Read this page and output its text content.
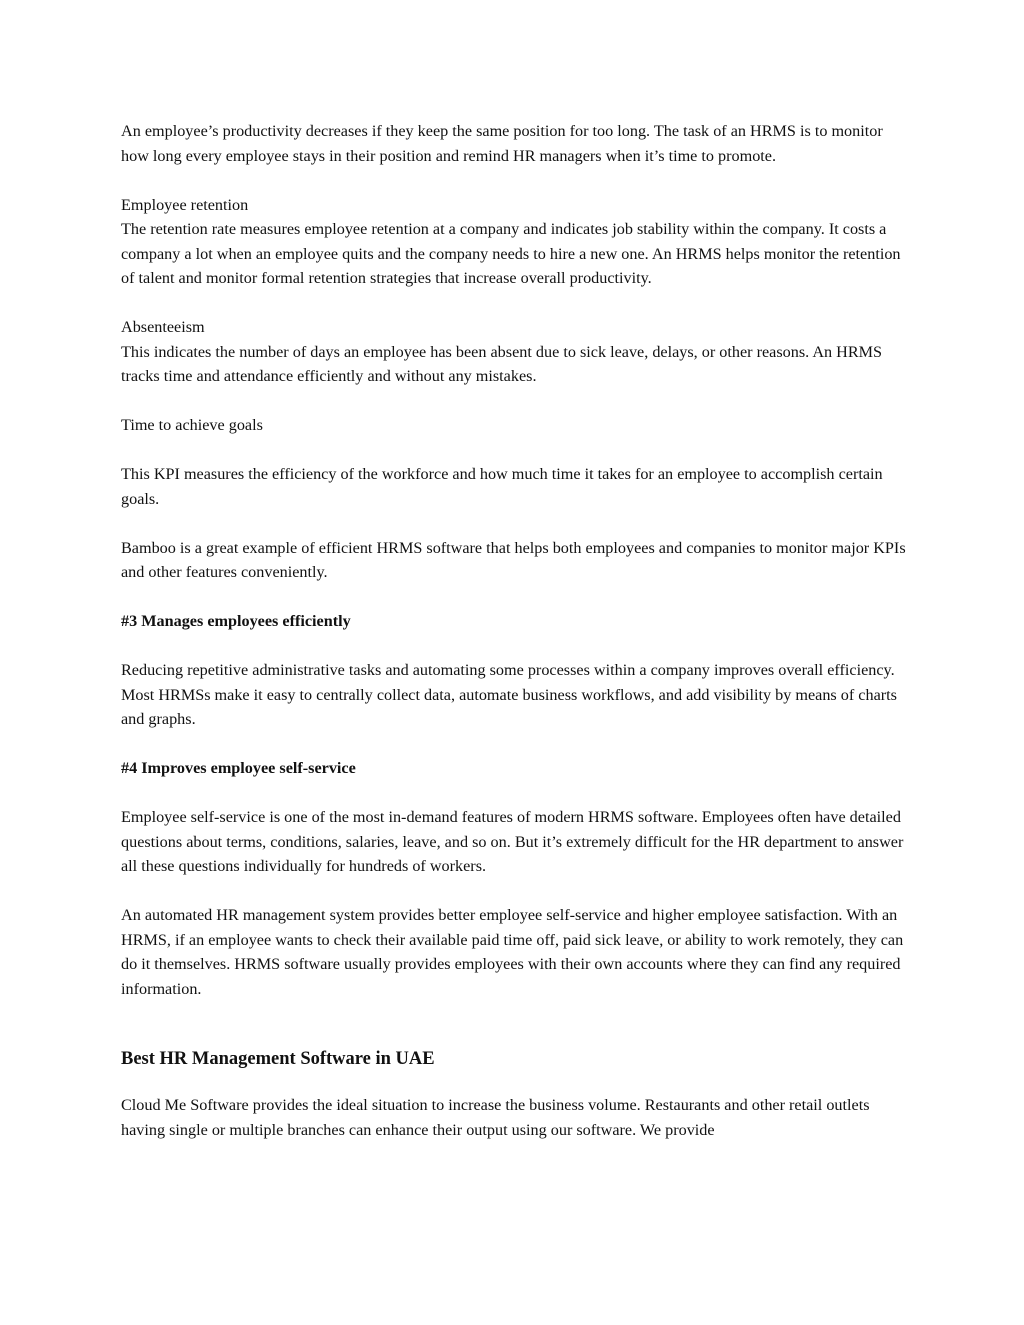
An employee’s productivity decreases if they keep the same position for too long. The task of an HRMS is to monitor how long every employee stays in their position and remind HR managers when it’s time to promote.

Employee retention

The retention rate measures employee retention at a company and indicates job stability within the company. It costs a company a lot when an employee quits and the company needs to hire a new one. An HRMS helps monitor the retention of talent and monitor formal retention strategies that increase overall productivity.

Absenteeism

This indicates the number of days an employee has been absent due to sick leave, delays, or other reasons. An HRMS tracks time and attendance efficiently and without any mistakes.

Time to achieve goals

This KPI measures the efficiency of the workforce and how much time it takes for an employee to accomplish certain goals.

Bamboo is a great example of efficient HRMS software that helps both employees and companies to monitor major KPIs and other features conveniently.

#3 Manages employees efficiently

Reducing repetitive administrative tasks and automating some processes within a company improves overall efficiency. Most HRMSs make it easy to centrally collect data, automate business workflows, and add visibility by means of charts and graphs.

#4 Improves employee self-service

Employee self-service is one of the most in-demand features of modern HRMS software. Employees often have detailed questions about terms, conditions, salaries, leave, and so on. But it’s extremely difficult for the HR department to answer all these questions individually for hundreds of workers.

An automated HR management system provides better employee self-service and higher employee satisfaction. With an HRMS, if an employee wants to check their available paid time off, paid sick leave, or ability to work remotely, they can do it themselves. HRMS software usually provides employees with their own accounts where they can find any required information.

Best HR Management Software in UAE

Cloud Me Software provides the ideal situation to increase the business volume. Restaurants and other retail outlets having single or multiple branches can enhance their output using our software. We provide
